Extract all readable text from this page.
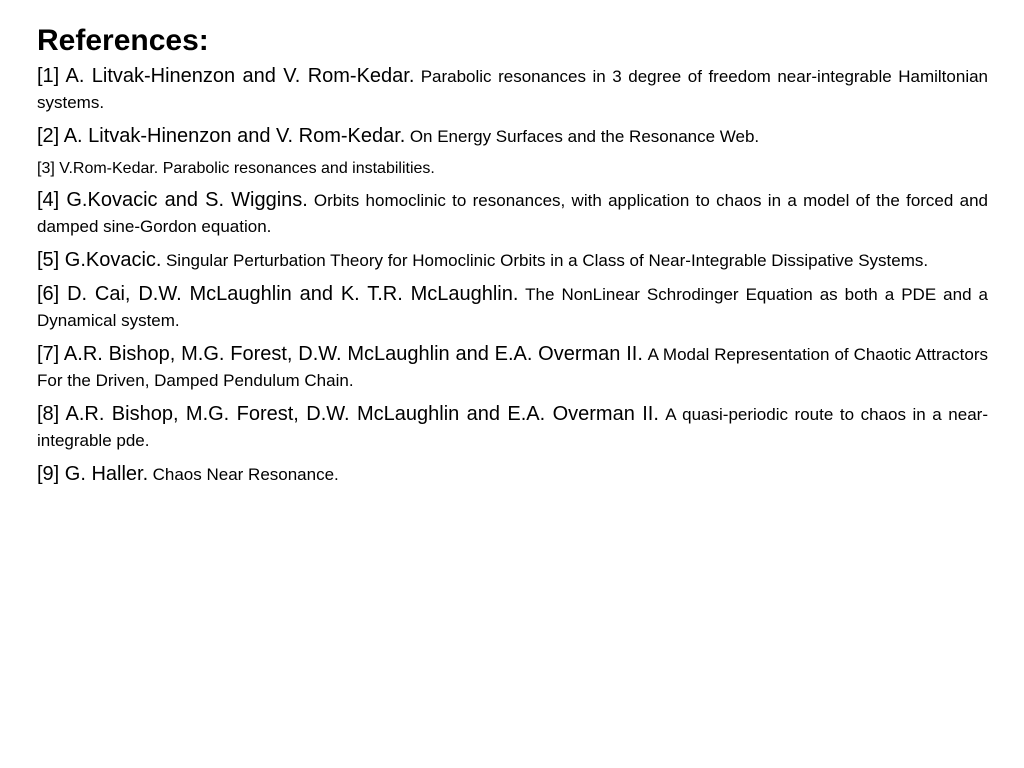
References:
[1] A. Litvak-Hinenzon and V. Rom-Kedar. Parabolic resonances in 3 degree of freedom near-integrable Hamiltonian systems.
[2] A. Litvak-Hinenzon and V. Rom-Kedar. On Energy Surfaces and the Resonance Web.
[3] V.Rom-Kedar. Parabolic resonances and instabilities.
[4] G.Kovacic and S. Wiggins. Orbits homoclinic to resonances, with application to chaos in a model of the forced and damped sine-Gordon equation.
[5] G.Kovacic. Singular Perturbation Theory for Homoclinic Orbits in a Class of Near-Integrable Dissipative Systems.
[6] D. Cai, D.W. McLaughlin and K. T.R. McLaughlin. The NonLinear Schrodinger Equation as both a PDE and a Dynamical system.
[7] A.R. Bishop, M.G. Forest, D.W. McLaughlin and E.A. Overman II. A Modal Representation of Chaotic Attractors For the Driven, Damped Pendulum Chain.
[8] A.R. Bishop, M.G. Forest, D.W. McLaughlin and E.A. Overman II. A quasi-periodic route to chaos in a near-integrable pde.
[9] G. Haller. Chaos Near Resonance.
